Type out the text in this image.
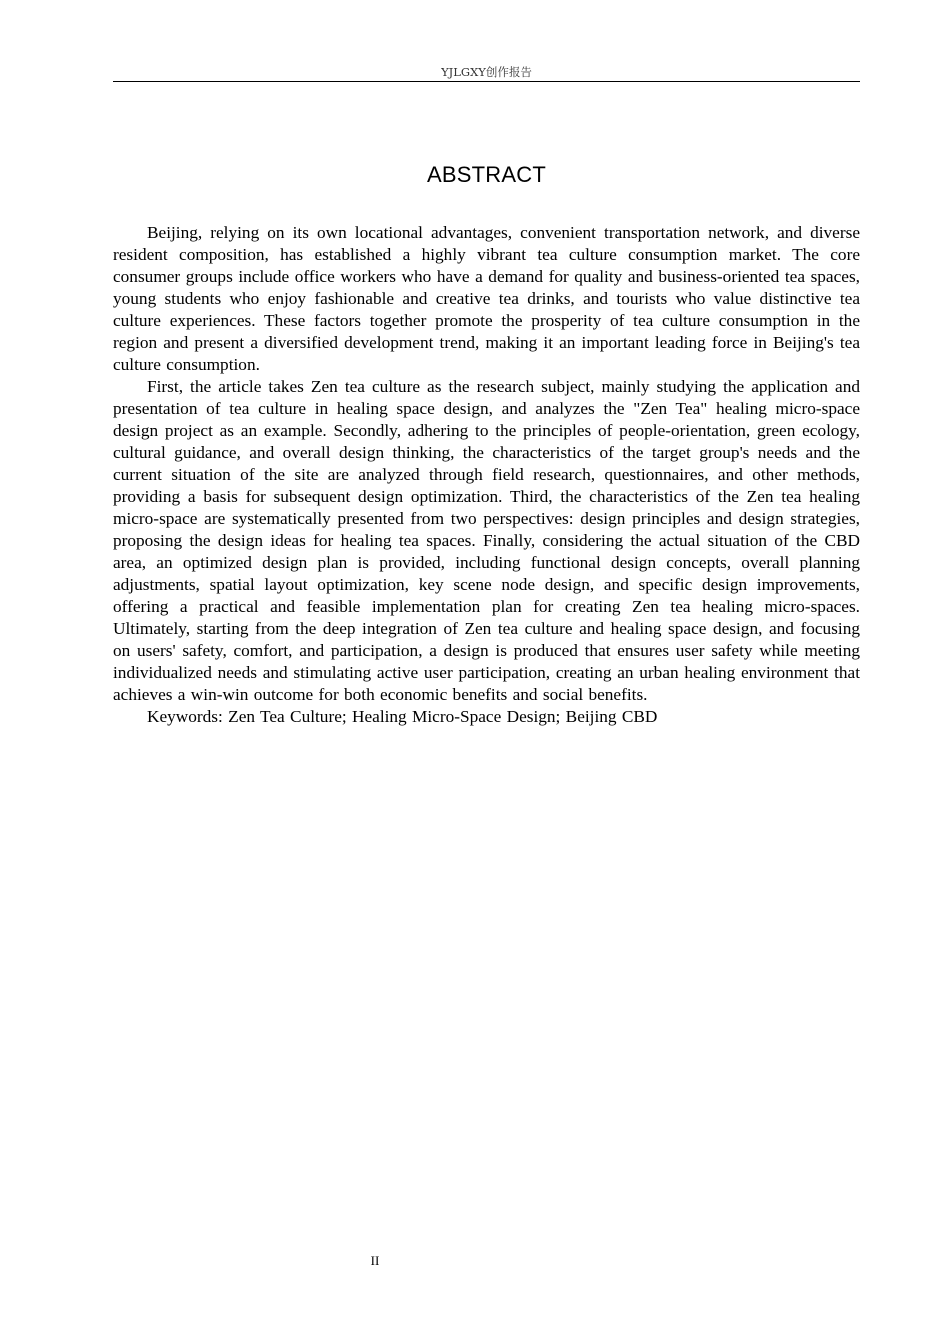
YJLGXY创作报告
ABSTRACT

Beijing, relying on its own locational advantages, convenient transportation network, and diverse resident composition, has established a highly vibrant tea culture consumption market. The core consumer groups include office workers who have a demand for quality and business-oriented tea spaces, young students who enjoy fashionable and creative tea drinks, and tourists who value distinctive tea culture experiences. These factors together promote the prosperity of tea culture consumption in the region and present a diversified development trend, making it an important leading force in Beijing's tea culture consumption.

First, the article takes Zen tea culture as the research subject, mainly studying the application and presentation of tea culture in healing space design, and analyzes the "Zen Tea" healing micro-space design project as an example. Secondly, adhering to the principles of people-orientation, green ecology, cultural guidance, and overall design thinking, the characteristics of the target group's needs and the current situation of the site are analyzed through field research, questionnaires, and other methods, providing a basis for subsequent design optimization. Third, the characteristics of the Zen tea healing micro-space are systematically presented from two perspectives: design principles and design strategies, proposing the design ideas for healing tea spaces. Finally, considering the actual situation of the CBD area, an optimized design plan is provided, including functional design concepts, overall planning adjustments, spatial layout optimization, key scene node design, and specific design improvements, offering a practical and feasible implementation plan for creating Zen tea healing micro-spaces. Ultimately, starting from the deep integration of Zen tea culture and healing space design, and focusing on users' safety, comfort, and participation, a design is produced that ensures user safety while meeting individualized needs and stimulating active user participation, creating an urban healing environment that achieves a win-win outcome for both economic benefits and social benefits.

Keywords: Zen Tea Culture; Healing Micro-Space Design; Beijing CBD

II
